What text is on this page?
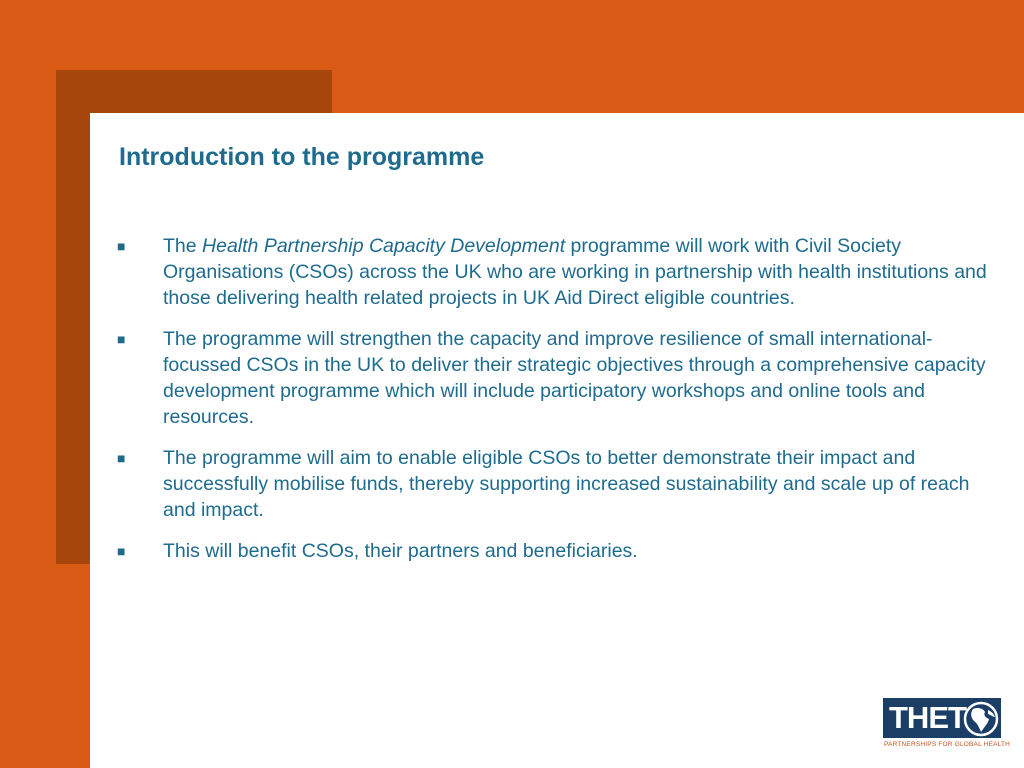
Introduction to the programme
■ The Health Partnership Capacity Development programme will work with Civil Society Organisations (CSOs) across the UK who are working in partnership with health institutions and those delivering health related projects in UK Aid Direct eligible countries.
■ The programme will strengthen the capacity and improve resilience of small international-focussed CSOs in the UK to deliver their strategic objectives through a comprehensive capacity development programme which will include participatory workshops and online tools and resources.
■ The programme will aim to enable eligible CSOs to better demonstrate their impact and successfully mobilise funds, thereby supporting increased sustainability and scale up of reach and impact.
■ This will benefit CSOs, their partners and beneficiaries.
THET
PARTNERSHIPS FOR GLOBAL HEALTH
